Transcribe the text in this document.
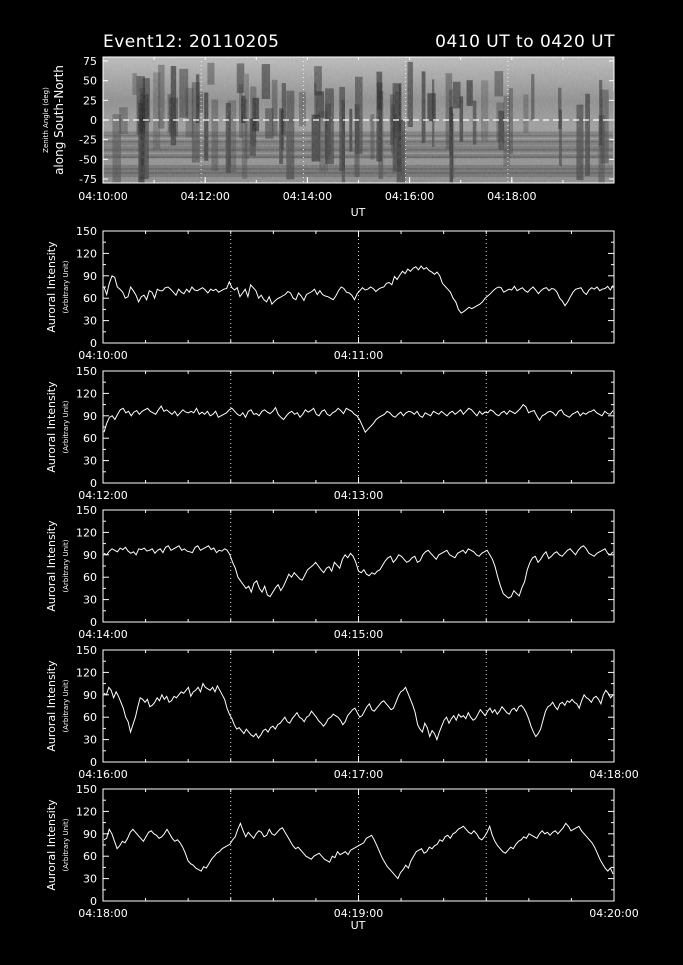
Event12: 20110205	0410 UT to 0420 UT
75
50
25
0
-25
-50
-75
04:10:00	04:12:00	04:14:00	04:16:00	04:18:00
Zenith Angle (deg) along South-North
UT
150
120
90
60
30
0
04:10:00	04:11:00
Auroral Intensity (Arbitrary Unit)
150
120
90
60
30
0
04:12:00	04:13:00
Auroral Intensity (Arbitrary Unit)
150
120
90
60
30
0
04:14:00	04:15:00
Auroral Intensity (Arbitrary Unit)
150
120
90
60
30
0
04:16:00	04:17:00	04:18:00
Auroral Intensity (Arbitrary Unit)
150
120
90
60
30
0
04:18:00	04:19:00	04:20:00
Auroral Intensity (Arbitrary Unit)
UT
